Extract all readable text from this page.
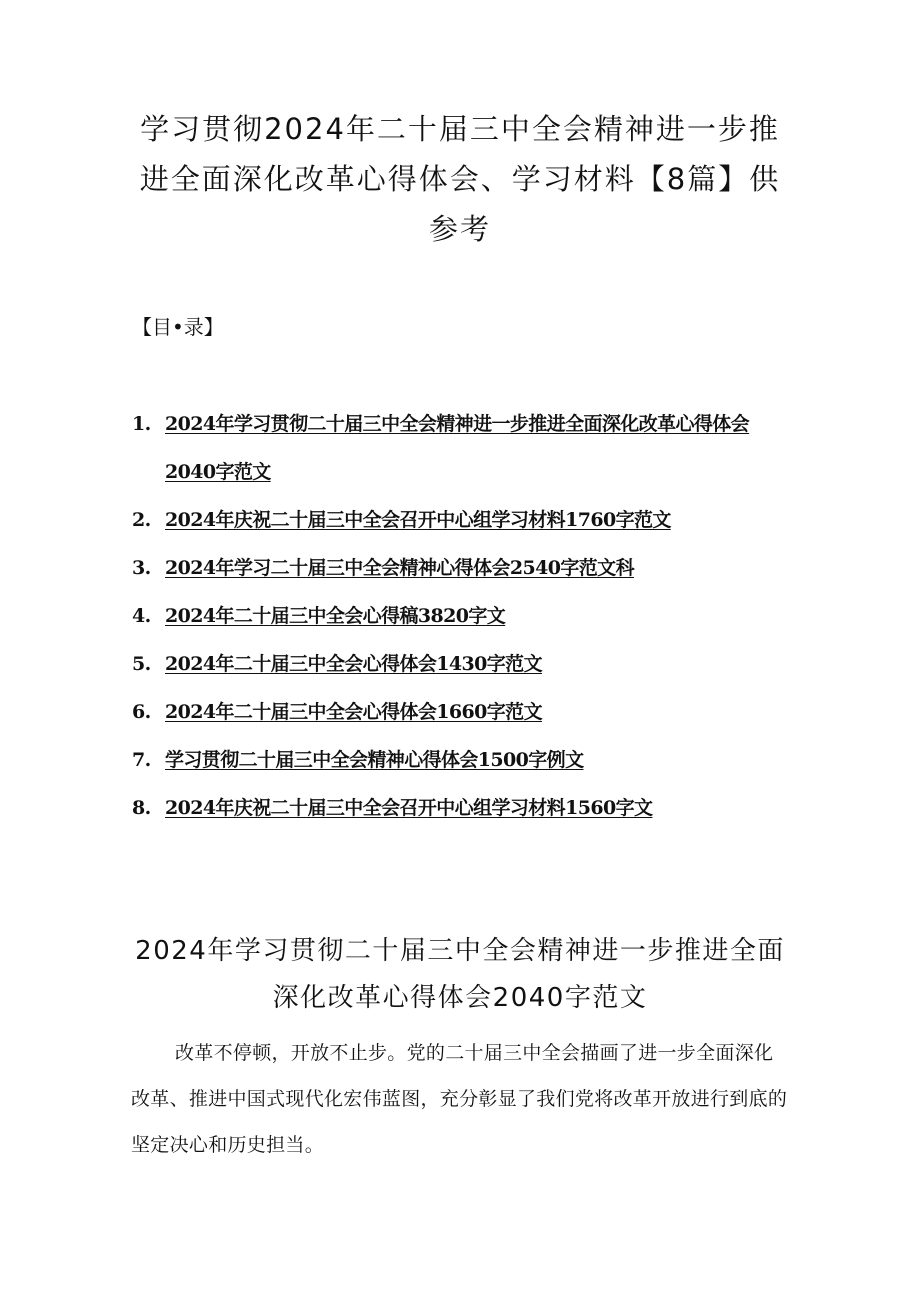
学习贯彻2024年二十届三中全会精神进一步推进全面深化改革心得体会、学习材料【8篇】供参考
【目•录】
1. 2024年学习贯彻二十届三中全会精神进一步推进全面深化改革心得体会2040字范文
2. 2024年庆祝二十届三中全会召开中心组学习材料1760字范文
3. 2024年学习二十届三中全会精神心得体会2540字范文科
4. 2024年二十届三中全会心得稿3820字文
5. 2024年二十届三中全会心得体会1430字范文
6. 2024年二十届三中全会心得体会1660字范文
7. 学习贯彻二十届三中全会精神心得体会1500字例文
8. 2024年庆祝二十届三中全会召开中心组学习材料1560字文
2024年学习贯彻二十届三中全会精神进一步推进全面深化改革心得体会2040字范文

改革不停顿，开放不止步。党的二十届三中全会描画了进一步全面深化改革、推进中国式现代化宏伟蓝图，充分彰显了我们党将改革开放进行到底的坚定决心和历史担当。
